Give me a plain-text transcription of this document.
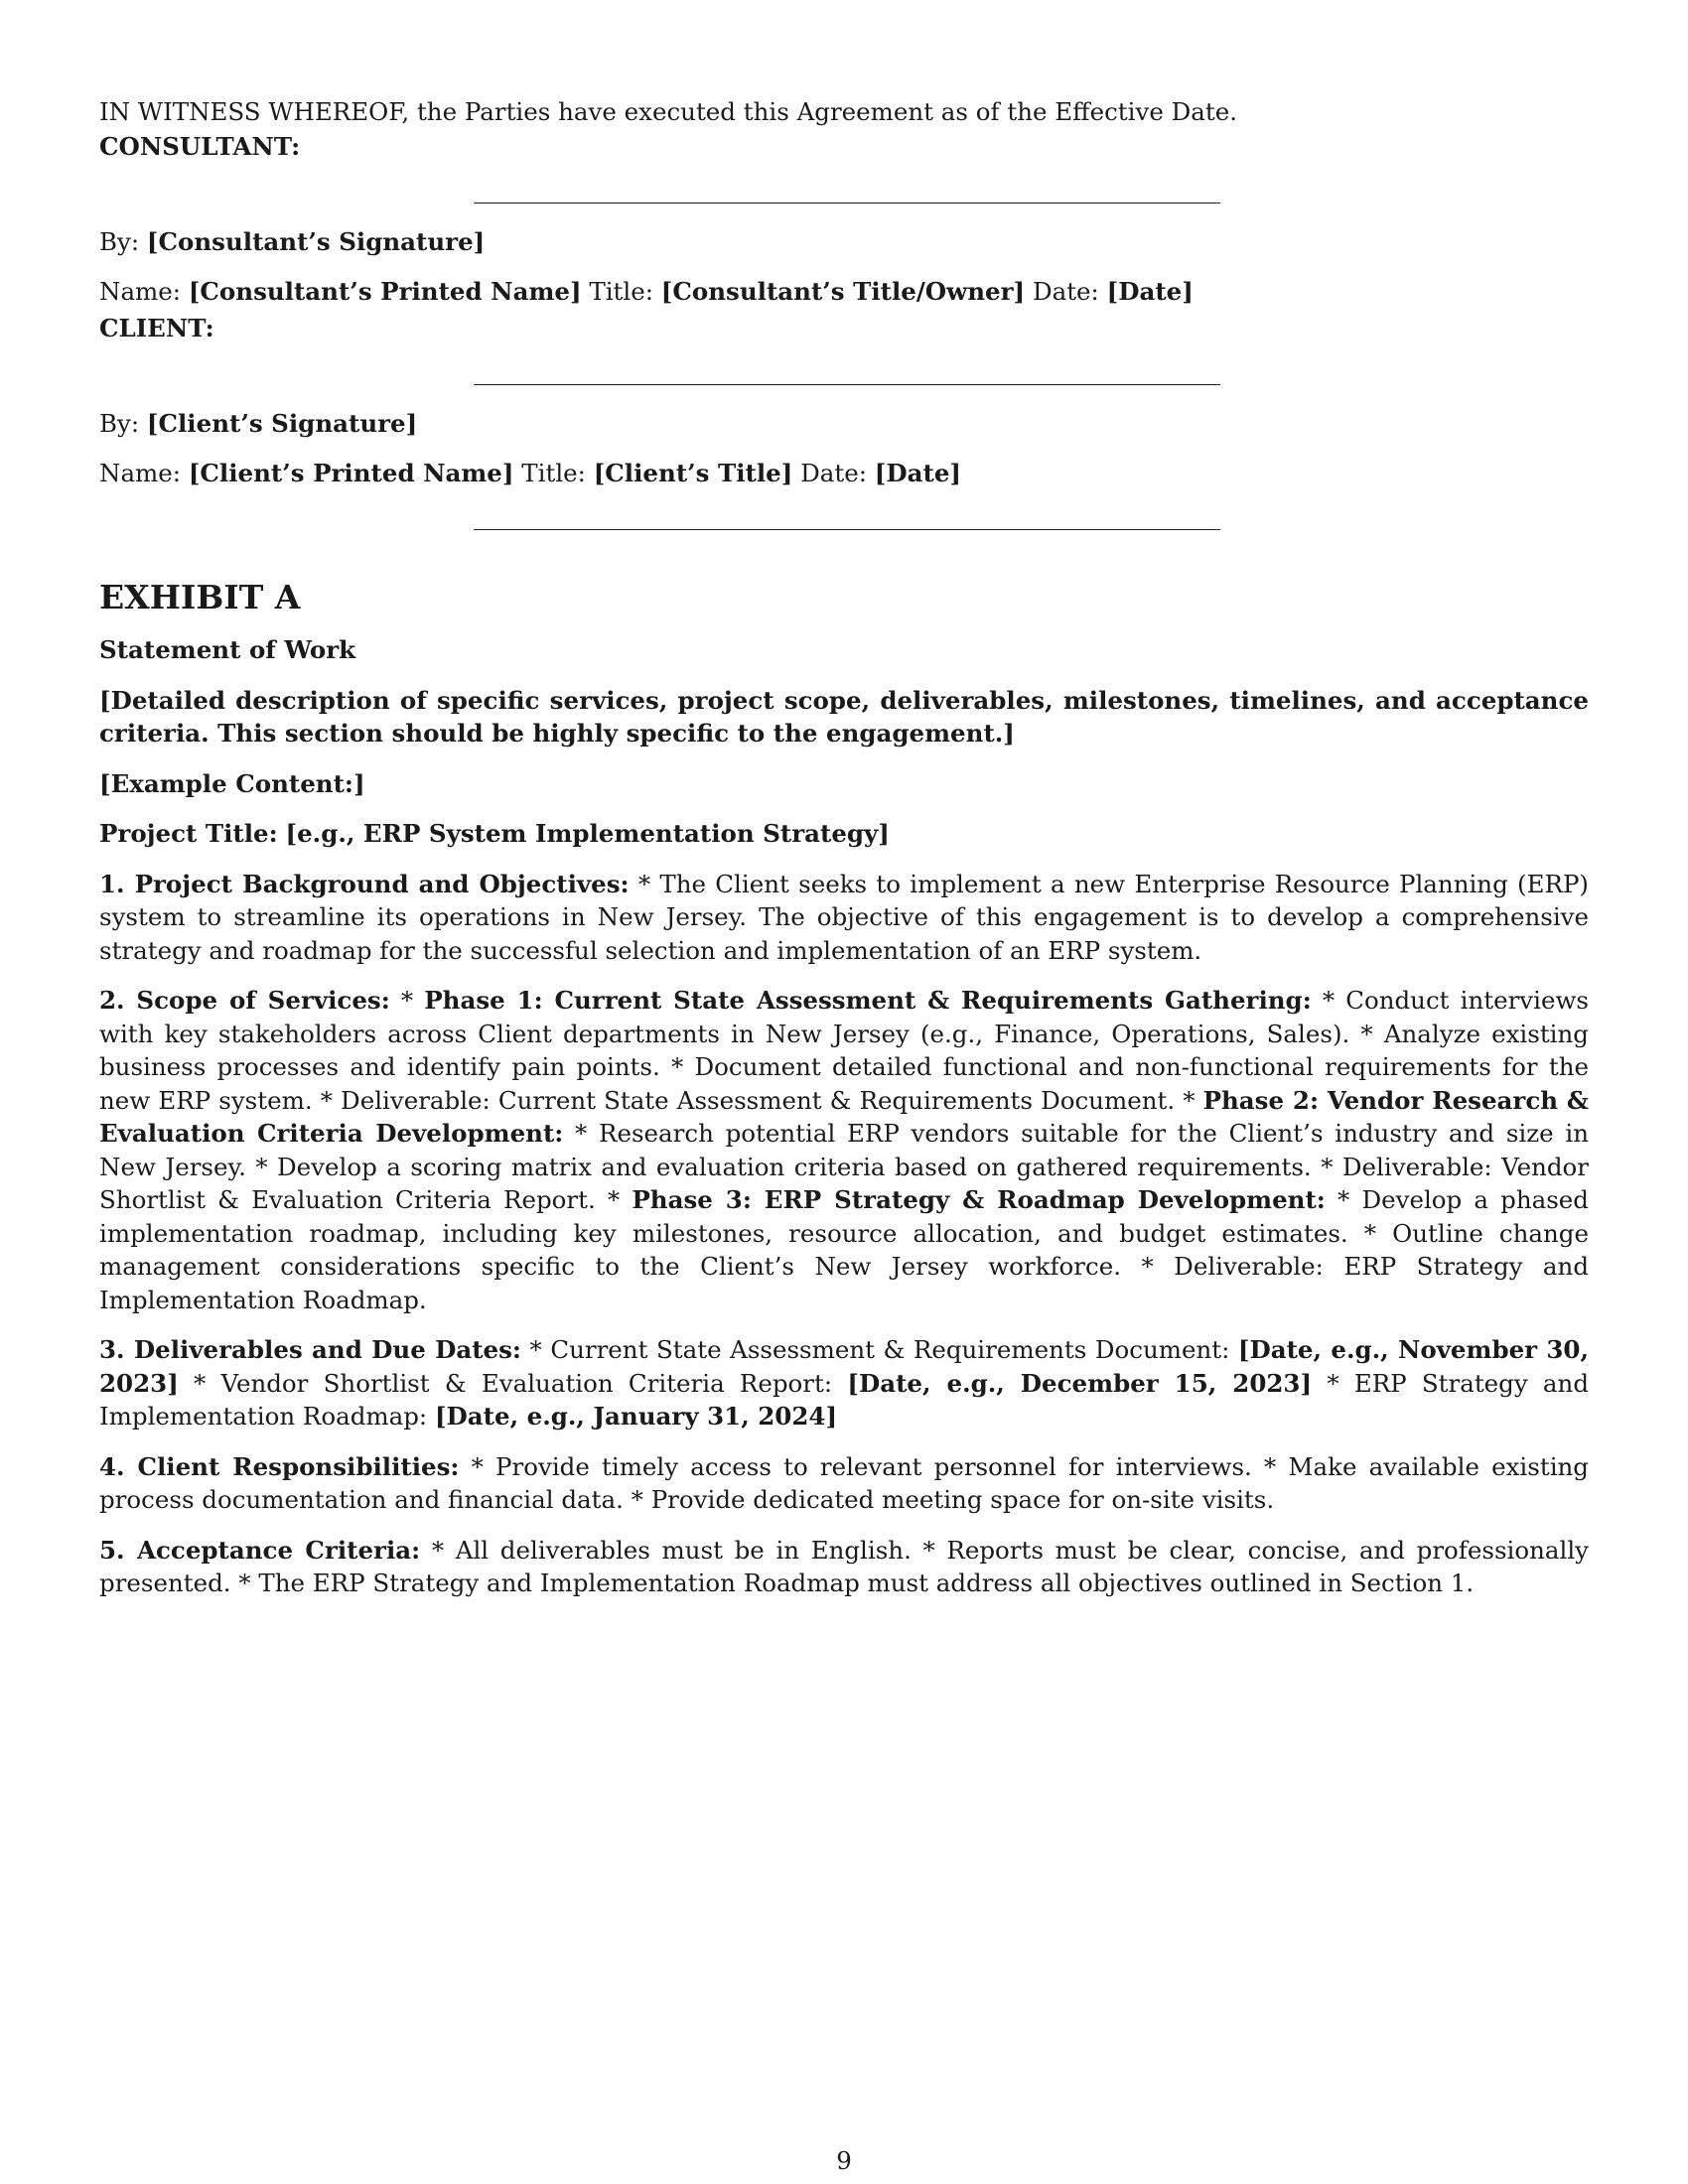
IN WITNESS WHEREOF, the Parties have executed this Agreement as of the Effective Date.

CONSULTANT:

By: [Consultant’s Signature]

Name: [Consultant’s Printed Name] Title: [Consultant’s Title/Owner] Date: [Date]

CLIENT:

By: [Client’s Signature]

Name: [Client’s Printed Name] Title: [Client’s Title] Date: [Date]

EXHIBIT A

Statement of Work

[Detailed description of specific services, project scope, deliverables, milestones, timelines, and acceptance criteria. This section should be highly specific to the engagement.]

[Example Content:]

Project Title: [e.g., ERP System Implementation Strategy]

1. Project Background and Objectives: * The Client seeks to implement a new Enterprise Resource Planning (ERP) system to streamline its operations in New Jersey. The objective of this engagement is to develop a comprehensive strategy and roadmap for the successful selection and implementation of an ERP system.

2. Scope of Services: * Phase 1: Current State Assessment & Requirements Gathering: * Conduct interviews with key stakeholders across Client departments in New Jersey (e.g., Finance, Operations, Sales). * Analyze existing business processes and identify pain points. * Document detailed functional and non-functional requirements for the new ERP system. * Deliverable: Current State Assessment & Requirements Document. * Phase 2: Vendor Research & Evaluation Criteria Development: * Research potential ERP vendors suitable for the Client’s industry and size in New Jersey. * Develop a scoring matrix and evaluation criteria based on gathered requirements. * Deliverable: Vendor Shortlist & Evaluation Criteria Report. * Phase 3: ERP Strategy & Roadmap Development: * Develop a phased implementation roadmap, including key milestones, resource allocation, and budget estimates. * Outline change management considerations specific to the Client’s New Jersey workforce. * Deliverable: ERP Strategy and Implementation Roadmap.

3. Deliverables and Due Dates: * Current State Assessment & Requirements Document: [Date, e.g., November 30, 2023] * Vendor Shortlist & Evaluation Criteria Report: [Date, e.g., December 15, 2023] * ERP Strategy and Implementation Roadmap: [Date, e.g., January 31, 2024]

4. Client Responsibilities: * Provide timely access to relevant personnel for interviews. * Make available existing process documentation and financial data. * Provide dedicated meeting space for on-site visits.

5. Acceptance Criteria: * All deliverables must be in English. * Reports must be clear, concise, and professionally presented. * The ERP Strategy and Implementation Roadmap must address all objectives outlined in Section 1.

9
